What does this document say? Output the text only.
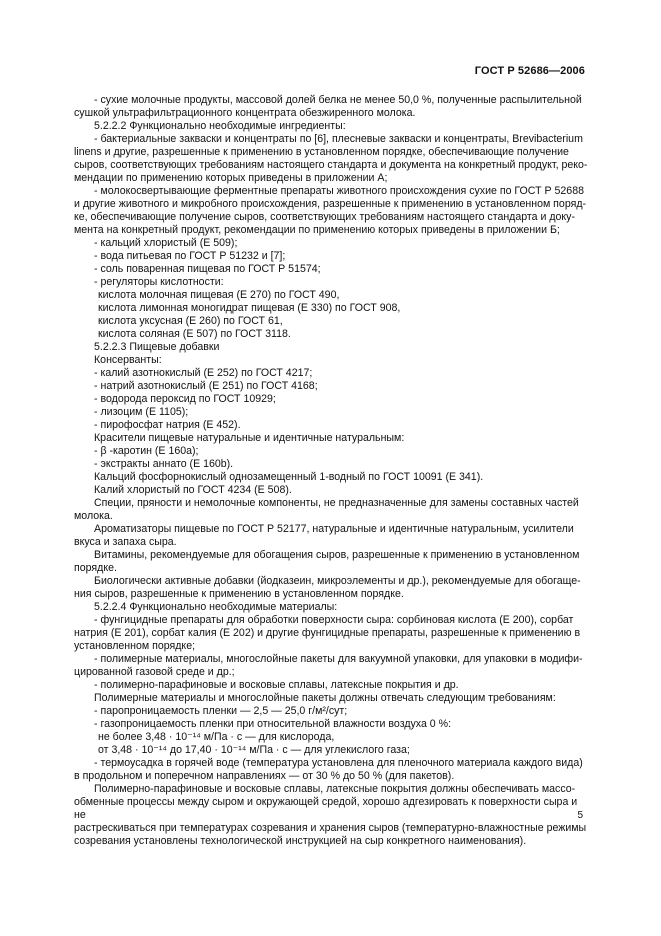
ГОСТ Р 52686—2006

- сухие молочные продукты, массовой долей белка не менее 50,0 %, полученные распылительной

сушкой ультрафильтрационного концентрата обезжиренного молока.

5.2.2.2 Функционально необходимые ингредиенты:

- бактериальные закваски и концентраты по [6], плесневые закваски и концентраты, Brevibacterium

linens и другие, разрешенные к применению в установленном порядке, обеспечивающие получение

сыров, соответствующих требованиям настоящего стандарта и документа на конкретный продукт, реко-

мендации по применению которых приведены в приложении А;

- молокосвертывающие ферментные препараты животного происхождения сухие по ГОСТ Р 52688

и другие животного и микробного происхождения, разрешенные к применению в установленном поряд-

ке, обеспечивающие получение сыров, соответствующих требованиям настоящего стандарта и доку-

мента на конкретный продукт, рекомендации по применению которых приведены в приложении Б;

- кальций хлористый (Е 509);

- вода питьевая по ГОСТ Р 51232 и [7];

- соль поваренная пищевая по ГОСТ Р 51574;

- регуляторы кислотности:

кислота молочная пищевая (Е 270) по ГОСТ 490,

кислота лимонная моногидрат пищевая (Е 330) по ГОСТ 908,

кислота уксусная (Е 260) по ГОСТ 61,

кислота соляная (Е 507) по ГОСТ 3118.

5.2.2.3 Пищевые добавки

Консерванты:

- калий азотнокислый (Е 252) по ГОСТ 4217;

- натрий азотнокислый (Е 251) по ГОСТ 4168;

- водорода пероксид по ГОСТ 10929;

- лизоцим (Е 1105);

- пирофосфат натрия (Е 452).

Красители пищевые натуральные и идентичные натуральным:

- β -каротин (Е 160а);

- экстракты аннато (Е 160b).

Кальций фосфорнокислый однозамещенный 1-водный по ГОСТ 10091 (Е 341).

Калий хлористый по ГОСТ 4234 (Е 508).

Специи, пряности и немолочные компоненты, не предназначенные для замены составных частей

молока.

Ароматизаторы пищевые по ГОСТ Р 52177, натуральные и идентичные натуральным, усилители

вкуса и запаха сыра.

Витамины, рекомендуемые для обогащения сыров, разрешенные к применению в установленном

порядке.

Биологически активные добавки (йодказеин, микроэлементы и др.), рекомендуемые для обогаще-

ния сыров, разрешенные к применению в установленном порядке.

5.2.2.4 Функционально необходимые материалы:

- фунгицидные препараты для обработки поверхности сыра: сорбиновая кислота (Е 200), сорбат

натрия (Е 201), сорбат калия (Е 202) и другие фунгицидные препараты, разрешенные к применению в

установленном порядке;

- полимерные материалы, многослойные пакеты для вакуумной упаковки, для упаковки в модифи-

цированной газовой среде и др.;

- полимерно-парафиновые и восковые сплавы, латексные покрытия и др.

Полимерные материалы и многослойные пакеты должны отвечать следующим требованиям:

- паропроницаемость пленки — 2,5 — 25,0 г/м²/сут;

- газопроницаемость пленки при относительной влажности воздуха 0 %:

не более 3,48 · 10⁻¹⁴ м/Па · с — для кислорода,

от 3,48 · 10⁻¹⁴ до 17,40 · 10⁻¹⁴ м/Па · с — для углекислого газа;

- термоусадка в горячей воде (температура установлена для пленочного материала каждого вида)

в продольном и поперечном направлениях — от 30 % до 50 % (для пакетов).

Полимерно-парафиновые и восковые сплавы, латексные покрытия должны обеспечивать массо-

обменные процессы между сыром и окружающей средой, хорошо адгезировать к поверхности сыра и не

растрескиваться при температурах созревания и хранения сыров (температурно-влажностные режимы

созревания установлены технологической инструкцией на сыр конкретного наименования).

5
